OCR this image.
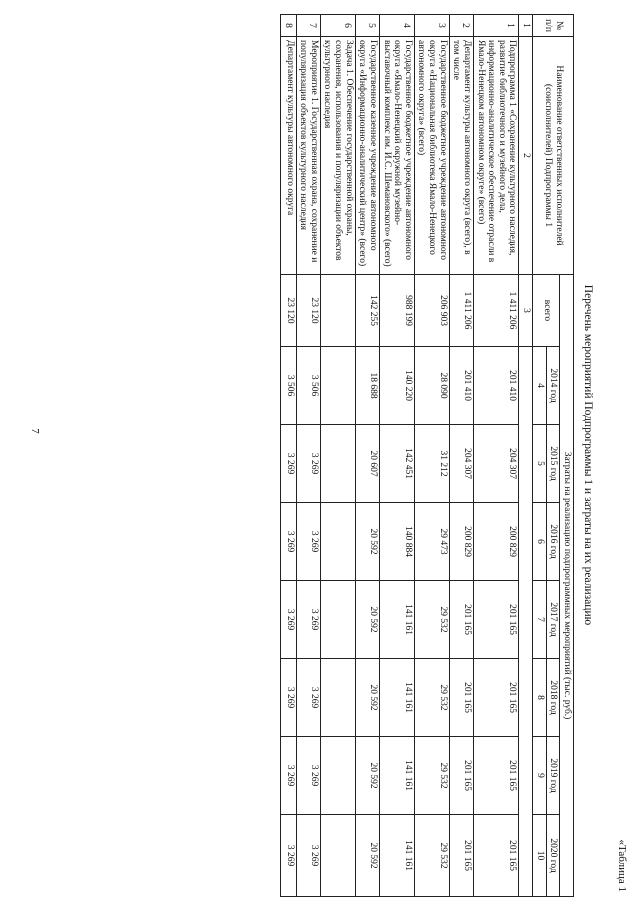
7
«Таблица 1
Перечень мероприятий Подпрограммы 1 и затраты на их реализацию
№ п/п	Наименование ответственных исполнителей (соисполнителей) Подпрограммы 1	Затраты на реализацию подпрограммных мероприятий (тыс. руб.)							
		всего	2014 год	2015 год	2016 год	2017 год	2018 год	2019 год	2020 год
			4	5	6	7	8	9	10
1	2	3							
1	Подпрограмма 1 «Сохранение культурного наследия, развитие библиотечного и музейного дела, информационно-аналитическое обеспечение отрасли в Ямало-Ненецком автономном округе» (всего)	1 411 206	201 410	204 307	200 829	201 165	201 165	201 165	201 165
2	Департамент культуры автономного округа (всего), в том числе	1 411 206	201 410	204 307	200 829	201 165	201 165	201 165	201 165
3	Государственное бюджетное учреждение автономного округа «Национальная библиотека Ямало-Ненецкого автономного округа» (всего)	206 903	28 090	31 212	29 473	29 532	29 532	29 532	29 532
4	Государственное бюджетное учреждение автономного округа «Ямало-Ненецкий окружной музейно-выставочный комплекс им. И.С. Шемановского» (всего)	988 199	140 220	142 451	140 884	141 161	141 161	141 161	141 161
5	Государственное казенное учреждение автономного округа «Информационно-аналитический центр» (всего)	142 255	18 688	20 607	20 592	20 592	20 592	20 592	20 592
6	Задача 1. Обеспечение государственной охраны, сохранения, использования и популяризации объектов культурного наследия								
7	Мероприятие 1. Государственная охрана, сохранение и популяризация объектов культурного наследия	23 120	3 506	3 269	3 269	3 269	3 269	3 269	3 269
8	Департамент культуры автономного округа	23 120	3 506	3 269	3 269	3 269	3 269	3 269	3 269
